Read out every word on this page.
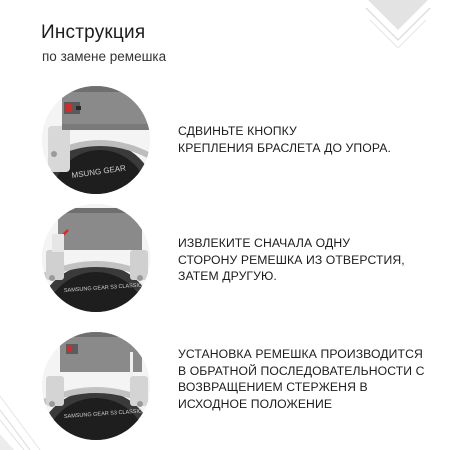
Инструкция
по замене ремешка
MSUNG GEAR
СДВИНЬТЕ КНОПКУ
КРЕПЛЕНИЯ БРАСЛЕТА ДО УПОРА.
SAMSUNG GEAR S3 CLASSIC
ИЗВЛЕКИТЕ СНАЧАЛА ОДНУ
СТОРОНУ РЕМЕШКА ИЗ ОТВЕРСТИЯ,
ЗАТЕМ ДРУГУЮ.
SAMSUNG GEAR S3 CLASSIC
УСТАНОВКА РЕМЕШКА ПРОИЗВОДИТСЯ
В ОБРАТНОЙ ПОСЛЕДОВАТЕЛЬНОСТИ С
ВОЗВРАЩЕНИЕМ СТЕРЖЕНЯ В
ИСХОДНОЕ ПОЛОЖЕНИЕ
